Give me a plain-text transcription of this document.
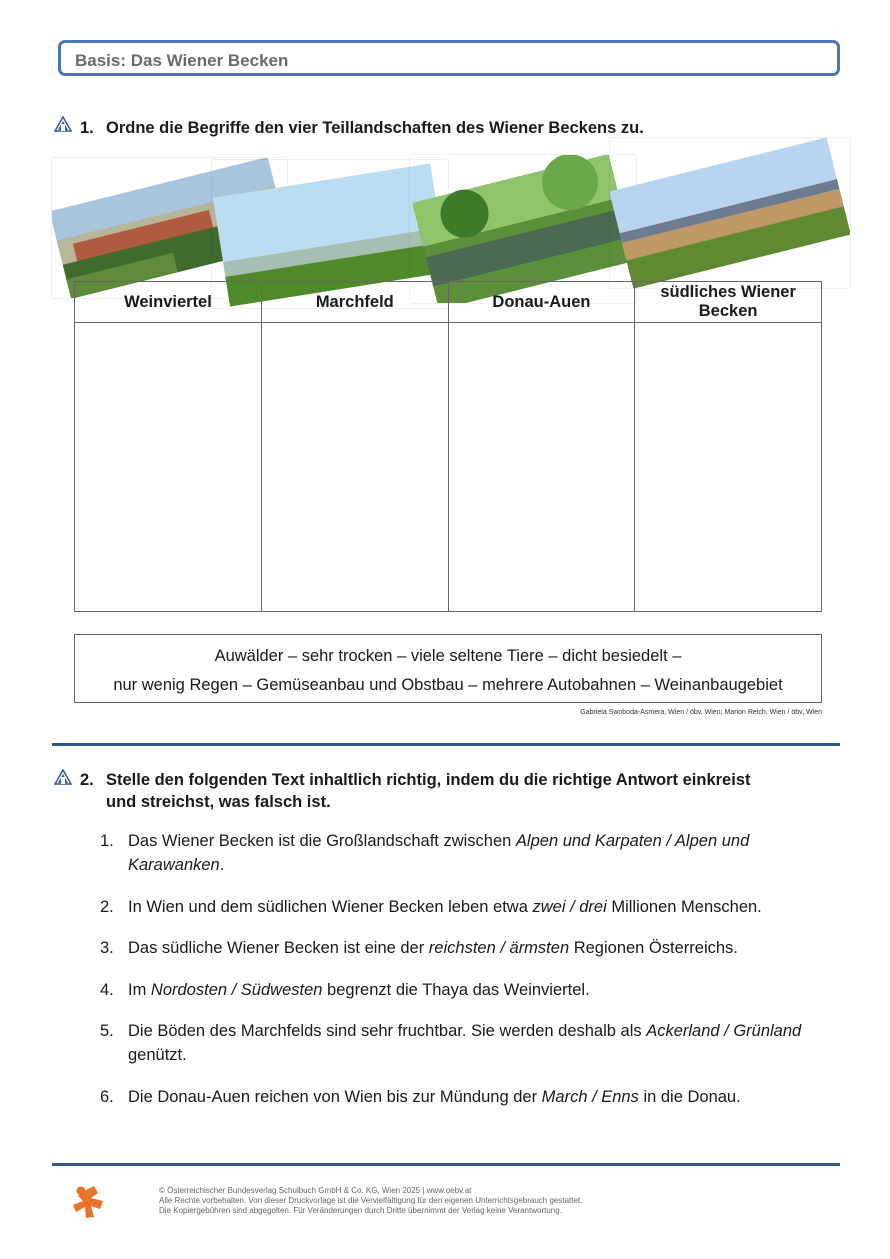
Basis: Das Wiener Becken
1. Ordne die Begriffe den vier Teillandschaften des Wiener Beckens zu.
Weinviertel	Marchfeld	Donau-Auen	südliches Wiener Becken

Auwälder – sehr trocken – viele seltene Tiere – dicht besiedelt –
nur wenig Regen – Gemüseanbau und Obstbau – mehrere Autobahnen – Weinanbaugebiet
Gabriela Swoboda-Asmera, Wien / öbv, Wien; Marion Reich, Wien / öbv, Wien
2. Stelle den folgenden Text inhaltlich richtig, indem du die richtige Antwort einkreist
und streichst, was falsch ist.
1. Das Wiener Becken ist die Großlandschaft zwischen Alpen und Karpaten / Alpen und Karawanken.
2. In Wien und dem südlichen Wiener Becken leben etwa zwei / drei Millionen Menschen.
3. Das südliche Wiener Becken ist eine der reichsten / ärmsten Regionen Österreichs.
4. Im Nordosten / Südwesten begrenzt die Thaya das Weinviertel.
5. Die Böden des Marchfelds sind sehr fruchtbar. Sie werden deshalb als Ackerland / Grünland genützt.
6. Die Donau-Auen reichen von Wien bis zur Mündung der March / Enns in die Donau.
© Österreichischer Bundesverlag Schulbuch GmbH & Co. KG, Wien 2025 | www.oebv.at
Alle Rechte vorbehalten. Von dieser Druckvorlage ist die Vervielfältigung für den eigenen Unterrichtsgebrauch gestattet.
Die Kopiergebühren sind abgegolten. Für Veränderungen durch Dritte übernimmt der Verlag keine Verantwortung.
